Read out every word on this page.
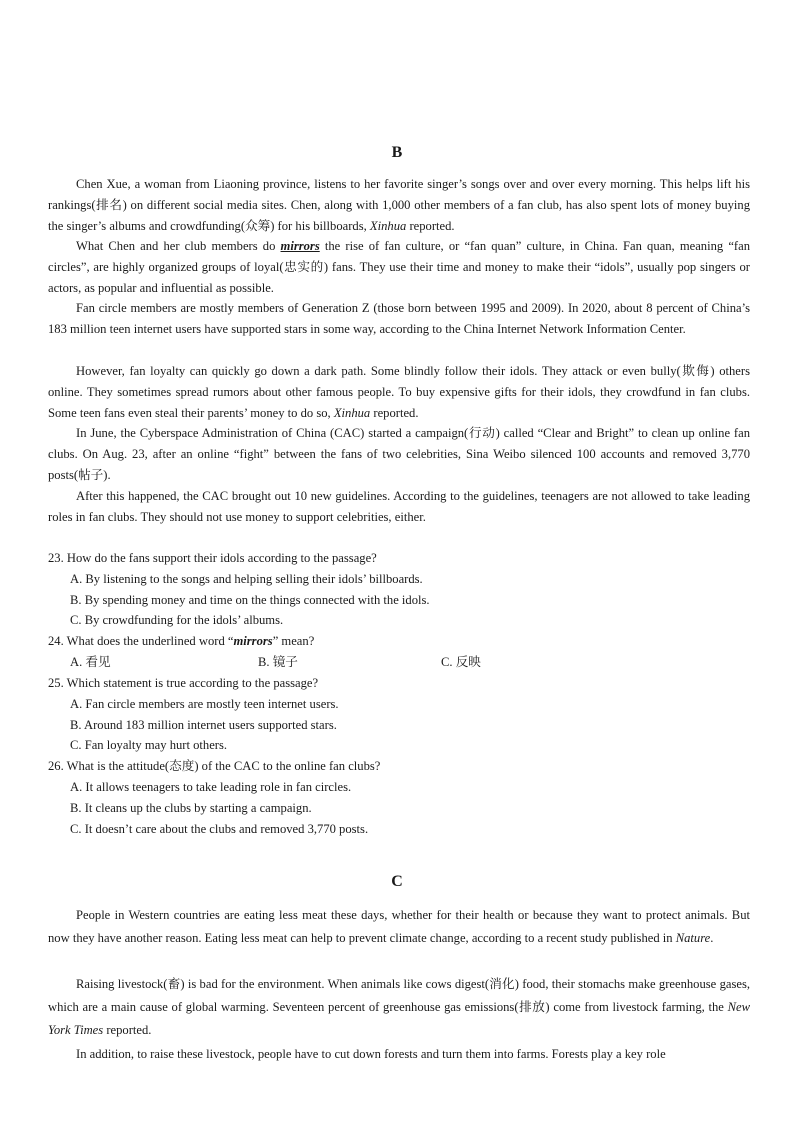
B

Chen Xue, a woman from Liaoning province, listens to her favorite singer’s songs over and over every morning. This helps lift his rankings(排名) on different social media sites. Chen, along with 1,000 other members of a fan club, has also spent lots of money buying the singer’s albums and crowdfunding(众筹) for his billboards, Xinhua reported.

What Chen and her club members do mirrors the rise of fan culture, or “fan quan” culture, in China. Fan quan, meaning “fan circles”, are highly organized groups of loyal(忠实的) fans. They use their time and money to make their “idols”, usually pop singers or actors, as popular and influential as possible.

Fan circle members are mostly members of Generation Z (those born between 1995 and 2009). In 2020, about 8 percent of China’s 183 million teen internet users have supported stars in some way, according to the China Internet Network Information Center.

However, fan loyalty can quickly go down a dark path. Some blindly follow their idols. They attack or even bully(欺侮) others online. They sometimes spread rumors about other famous people. To buy expensive gifts for their idols, they crowdfund in fan clubs. Some teen fans even steal their parents’ money to do so, Xinhua reported.

In June, the Cyberspace Administration of China (CAC) started a campaign(行动) called “Clear and Bright” to clean up online fan clubs. On Aug. 23, after an online “fight” between the fans of two celebrities, Sina Weibo silenced 100 accounts and removed 3,770 posts(帖子).

After this happened, the CAC brought out 10 new guidelines. According to the guidelines, teenagers are not allowed to take leading roles in fan clubs. They should not use money to support celebrities, either.

23. How do the fans support their idols according to the passage?

A. By listening to the songs and helping selling their idols’ billboards.

B. By spending money and time on the things connected with the idols.

C. By crowdfunding for the idols’ albums.

24. What does the underlined word “mirrors” mean?

A. 看见	B. 镜子	C. 反映

25. Which statement is true according to the passage?

A. Fan circle members are mostly teen internet users.

B. Around 183 million internet users supported stars.

C. Fan loyalty may hurt others.

26. What is the attitude(态度) of the CAC to the online fan clubs?

A. It allows teenagers to take leading role in fan circles.

B. It cleans up the clubs by starting a campaign.

C. It doesn’t care about the clubs and removed 3,770 posts.

C

People in Western countries are eating less meat these days, whether for their health or because they want to protect animals. But now they have another reason. Eating less meat can help to prevent climate change, according to a recent study published in Nature.

Raising livestock(畜) is bad for the environment. When animals like cows digest(消化) food, their stomachs make greenhouse gases, which are a main cause of global warming. Seventeen percent of greenhouse gas emissions(排放) come from livestock farming, the New York Times reported.

In addition, to raise these livestock, people have to cut down forests and turn them into farms. Forests play a key role
